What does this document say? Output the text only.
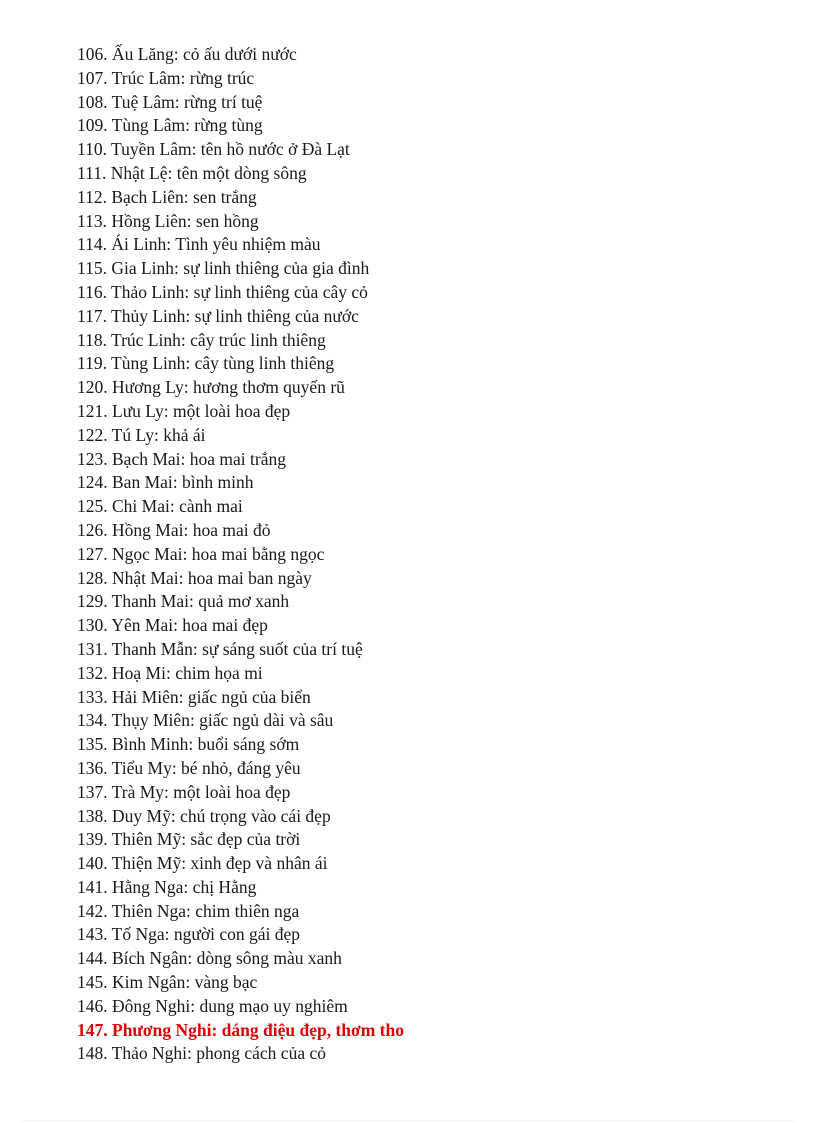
106. Ấu Lăng: cỏ ấu dưới nước
107. Trúc Lâm: rừng trúc
108. Tuệ Lâm: rừng trí tuệ
109. Tùng Lâm: rừng tùng
110. Tuyền Lâm: tên hồ nước ở Đà Lạt
111. Nhật Lệ: tên một dòng sông
112. Bạch Liên: sen trắng
113. Hồng Liên: sen hồng
114. Ái Linh: Tình yêu nhiệm màu
115. Gia Linh: sự linh thiêng của gia đình
116. Thảo Linh: sự linh thiêng của cây cỏ
117. Thủy Linh: sự linh thiêng của nước
118. Trúc Linh: cây trúc linh thiêng
119. Tùng Linh: cây tùng linh thiêng
120. Hương Ly: hương thơm quyến rũ
121. Lưu Ly: một loài hoa đẹp
122. Tú Ly: khả ái
123. Bạch Mai: hoa mai trắng
124. Ban Mai: bình minh
125. Chi Mai: cành mai
126. Hồng Mai: hoa mai đỏ
127. Ngọc Mai: hoa mai bằng ngọc
128. Nhật Mai: hoa mai ban ngày
129. Thanh Mai: quả mơ xanh
130. Yên Mai: hoa mai đẹp
131. Thanh Mẫn: sự sáng suốt của trí tuệ
132. Hoạ Mi: chim họa mi
133. Hải Miên: giấc ngủ của biển
134. Thụy Miên: giấc ngủ dài và sâu
135. Bình Minh: buổi sáng sớm
136. Tiểu My: bé nhỏ, đáng yêu
137. Trà My: một loài hoa đẹp
138. Duy Mỹ: chú trọng vào cái đẹp
139. Thiên Mỹ: sắc đẹp của trời
140. Thiện Mỹ: xinh đẹp và nhân ái
141. Hằng Nga: chị Hằng
142. Thiên Nga: chim thiên nga
143. Tố Nga: người con gái đẹp
144. Bích Ngân: dòng sông màu xanh
145. Kim Ngân: vàng bạc
146. Đông Nghi: dung mạo uy nghiêm
147. Phương Nghi: dáng điệu đẹp, thơm tho
148. Thảo Nghi: phong cách của cỏ
